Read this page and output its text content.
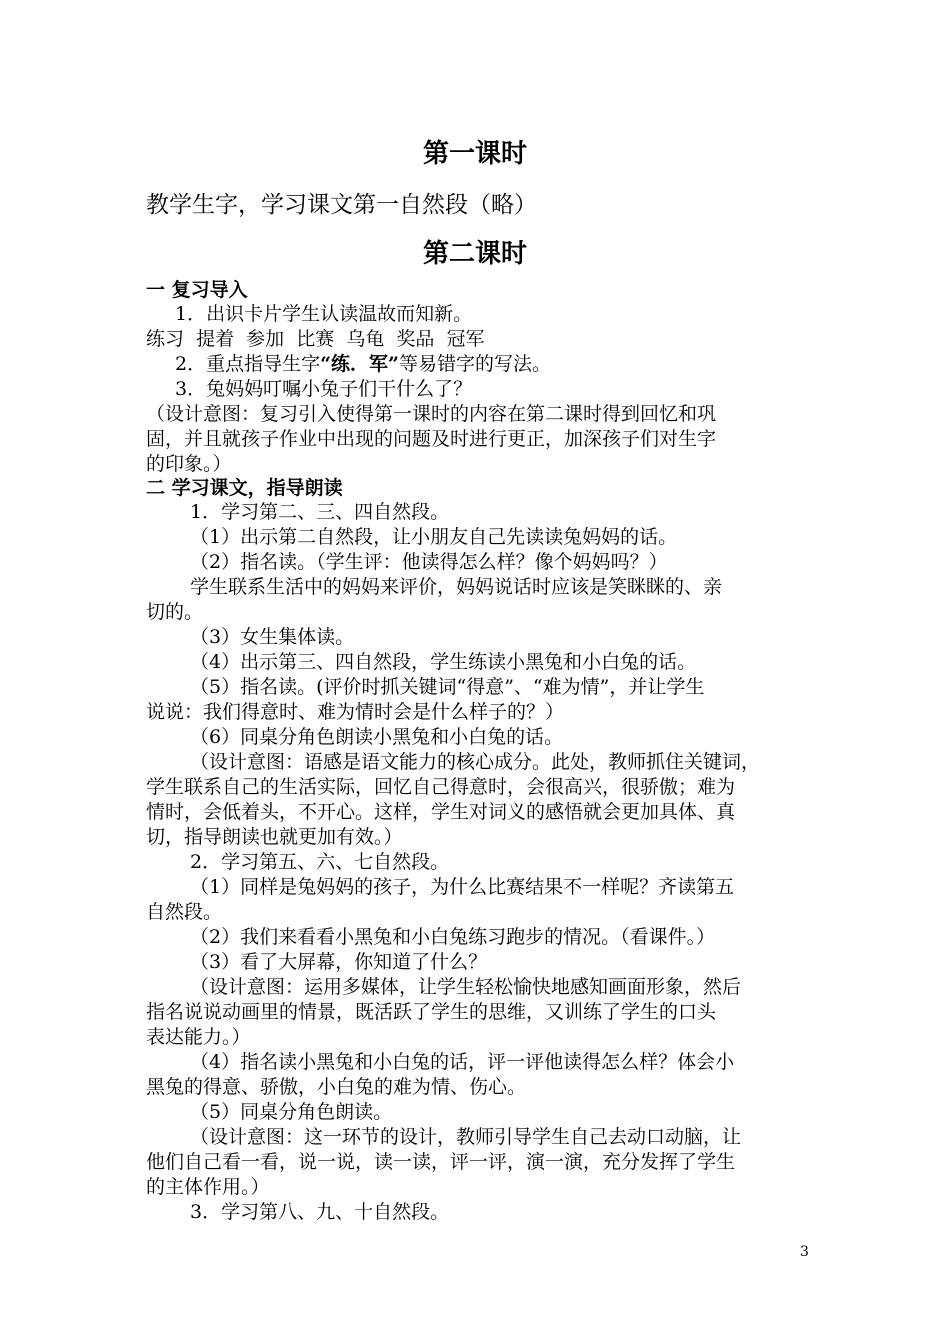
第一课时
教学生字，学习课文第一自然段（略）
第二课时
一 复习导入
1．出识卡片学生认读温故而知新。
练习  提着  参加  比赛  乌龟  奖品  冠军
2．重点指导生字“练．军”等易错字的写法。
3．兔妈妈叮嘱小兔子们干什么了？
（设计意图：复习引入使得第一课时的内容在第二课时得到回忆和巩
固，并且就孩子作业中出现的问题及时进行更正，加深孩子们对生字
的印象。）
二 学习课文，指导朗读
1．学习第二、三、四自然段。
（1）出示第二自然段，让小朋友自己先读读兔妈妈的话。
（2）指名读。（学生评：他读得怎么样？像个妈妈吗？）
学生联系生活中的妈妈来评价，妈妈说话时应该是笑眯眯的、亲
切的。
（3）女生集体读。
（4）出示第三、四自然段，学生练读小黑兔和小白兔的话。
（5）指名读。(评价时抓关键词“得意”、“难为情”，并让学生
说说：我们得意时、难为情时会是什么样子的？）
（6）同桌分角色朗读小黑兔和小白兔的话。
（设计意图：语感是语文能力的核心成分。此处，教师抓住关键词，
学生联系自己的生活实际，回忆自己得意时，会很高兴，很骄傲；难为
情时，会低着头，不开心。这样，学生对词义的感悟就会更加具体、真
切，指导朗读也就更加有效。）
2．学习第五、六、七自然段。
（1）同样是兔妈妈的孩子，为什么比赛结果不一样呢？齐读第五
自然段。
（2）我们来看看小黑兔和小白兔练习跑步的情况。（看课件。）
（3）看了大屏幕，你知道了什么？
（设计意图：运用多媒体，让学生轻松愉快地感知画面形象，然后
指名说说动画里的情景，既活跃了学生的思维，又训练了学生的口头
表达能力。）
（4）指名读小黑兔和小白兔的话，评一评他读得怎么样？体会小
黑兔的得意、骄傲，小白兔的难为情、伤心。
（5）同桌分角色朗读。
（设计意图：这一环节的设计，教师引导学生自己去动口动脑，让
他们自己看一看，说一说，读一读，评一评，演一演，充分发挥了学生
的主体作用。）
3．学习第八、九、十自然段。
3
